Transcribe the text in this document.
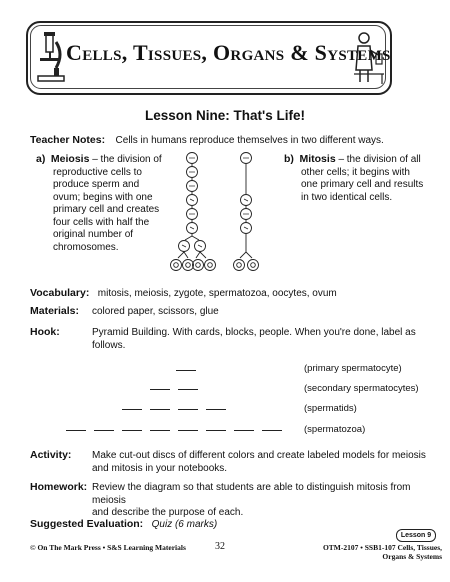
Cells, Tissues, Organs & Systems
Lesson Nine: That's Life!
Teacher Notes: Cells in humans reproduce themselves in two different ways.
a) Meiosis – the division of
reproductive cells to
produce sperm and
ovum; begins with one
primary cell and creates
four cells with half the
original number of
chromosomes.
b) Mitosis – the division of all
other cells; it begins with
one primary cell and results
in two identical cells.
Vocabulary: mitosis, meiosis, zygote, spermatozoa, oocytes, ovum
Materials: colored paper, scissors, glue
Hook:	Pyramid Building. With cards, blocks, people. When you're done, label as
follows.
(primary spermatocyte)
(secondary spermatocytes)
(spermatids)
(spermatozoa)
Activity: Make cut-out discs of different colors and create labeled models for meiosis
and mitosis in your notebooks.
Homework: Review the diagram so that students are able to distinguish mitosis from meiosis
and describe the purpose of each.
Suggested Evaluation: Quiz (6 marks)
Lesson 9
© On The Mark Press • S&S Learning Materials	32	OTM-2107 • SSB1-107 Cells, Tissues,
Organs & Systems
